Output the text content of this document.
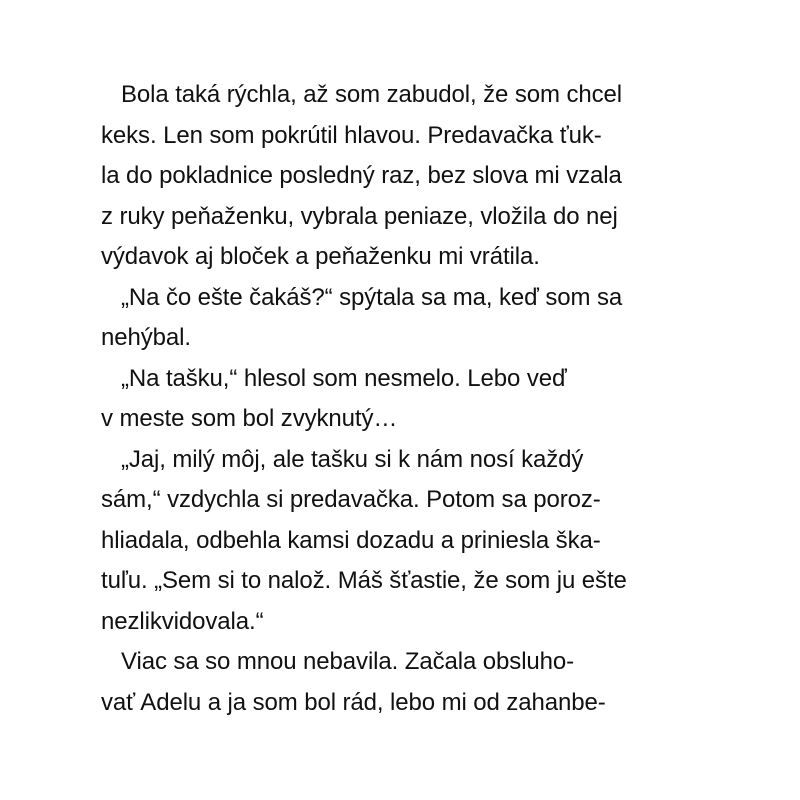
Bola taká rýchla, až som zabudol, že som chcel
keks. Len som pokrútil hlavou. Predavačka ťuk-
la do pokladnice posledný raz, bez slova mi vzala
z ruky peňaženku, vybrala peniaze, vložila do nej
výdavok aj bloček a peňaženku mi vrátila.
„Na čo ešte čakáš?“ spýtala sa ma, keď som sa
nehýbal.
„Na tašku,“ hlesol som nesmelo. Lebo veď
v meste som bol zvyknutý…
„Jaj, milý môj, ale tašku si k nám nosí každý
sám,“ vzdychla si predavačka. Potom sa poroz-
hliadala, odbehla kamsi dozadu a priniesla ška-
tuľu. „Sem si to nalož. Máš šťastie, že som ju ešte
nezlikvidovala.“
Viac sa so mnou nebavila. Začala obsluho-
vať Adelu a ja som bol rád, lebo mi od zahanbe-
